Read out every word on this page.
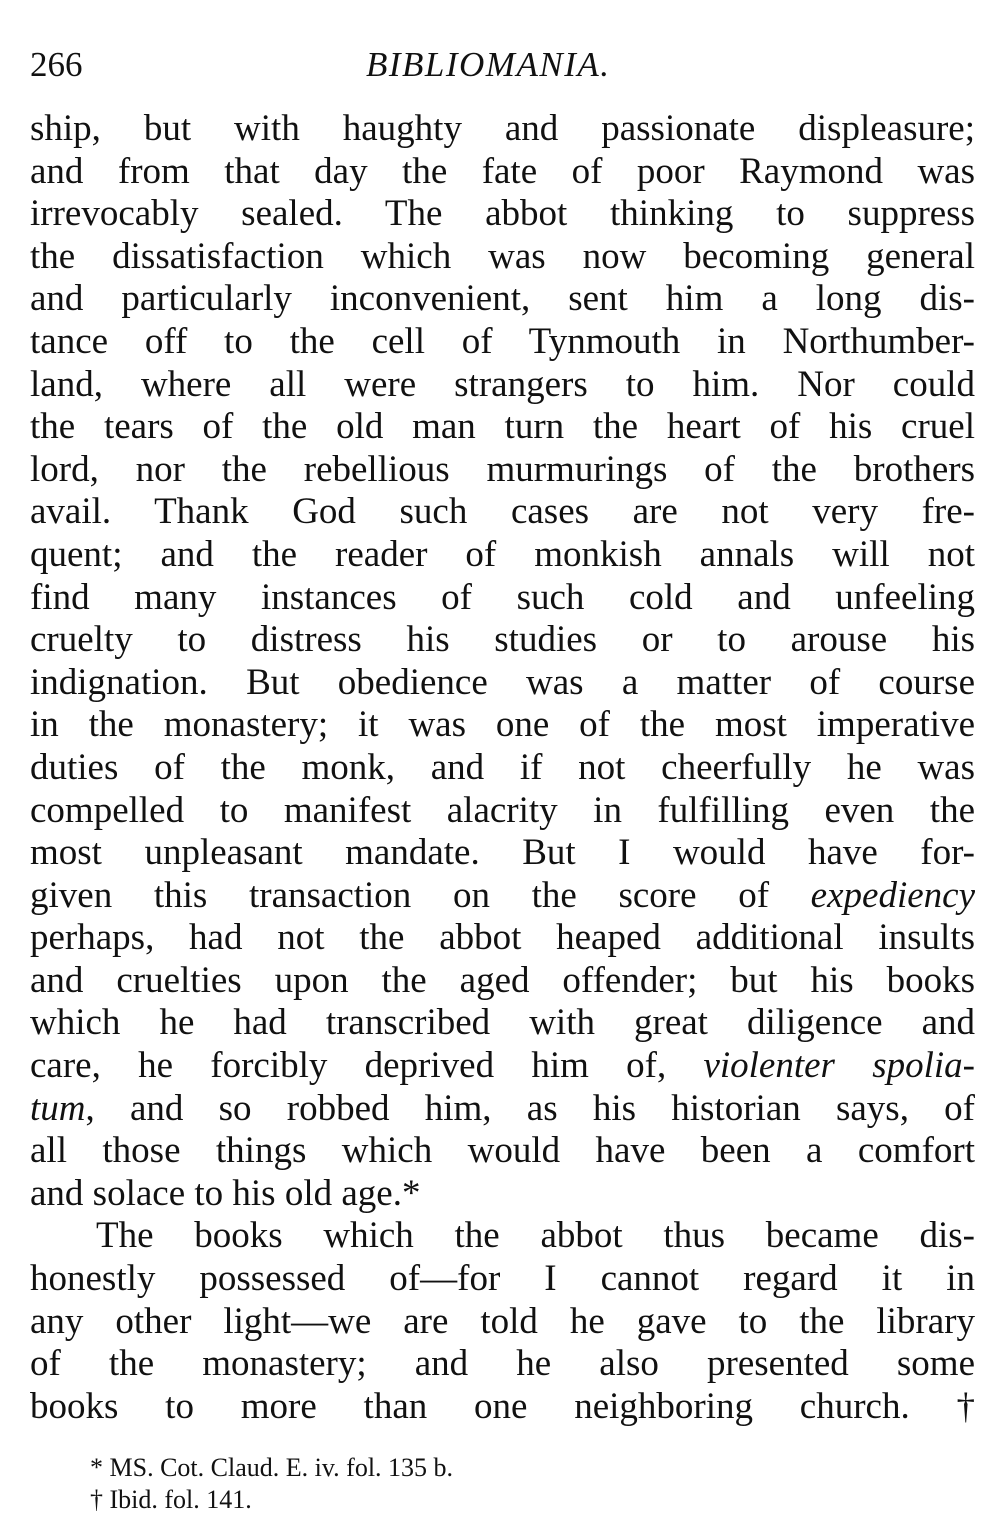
266	BIBLIOMANIA.
ship, but with haughty and passionate displeasure;
and from that day the fate of poor Raymond was
irrevocably sealed. The abbot thinking to suppress
the dissatisfaction which was now becoming general
and particularly inconvenient, sent him a long dis-
tance off to the cell of Tynmouth in Northumber-
land, where all were strangers to him. Nor could
the tears of the old man turn the heart of his cruel
lord, nor the rebellious murmurings of the brothers
avail. Thank God such cases are not very fre-
quent; and the reader of monkish annals will not
find many instances of such cold and unfeeling
cruelty to distress his studies or to arouse his
indignation. But obedience was a matter of course
in the monastery; it was one of the most imperative
duties of the monk, and if not cheerfully he was
compelled to manifest alacrity in fulfilling even the
most unpleasant mandate. But I would have for-
given this transaction on the score of expediency
perhaps, had not the abbot heaped additional insults
and cruelties upon the aged offender; but his books
which he had transcribed with great diligence and
care, he forcibly deprived him of, violenter spolia-
tum, and so robbed him, as his historian says, of
all those things which would have been a comfort
and solace to his old age.*
The books which the abbot thus became dis-
honestly possessed of—for I cannot regard it in
any other light—we are told he gave to the library
of the monastery; and he also presented some
books to more than one neighboring church. †
* MS. Cot. Claud. E. iv. fol. 135 b.
† Ibid. fol. 141.
